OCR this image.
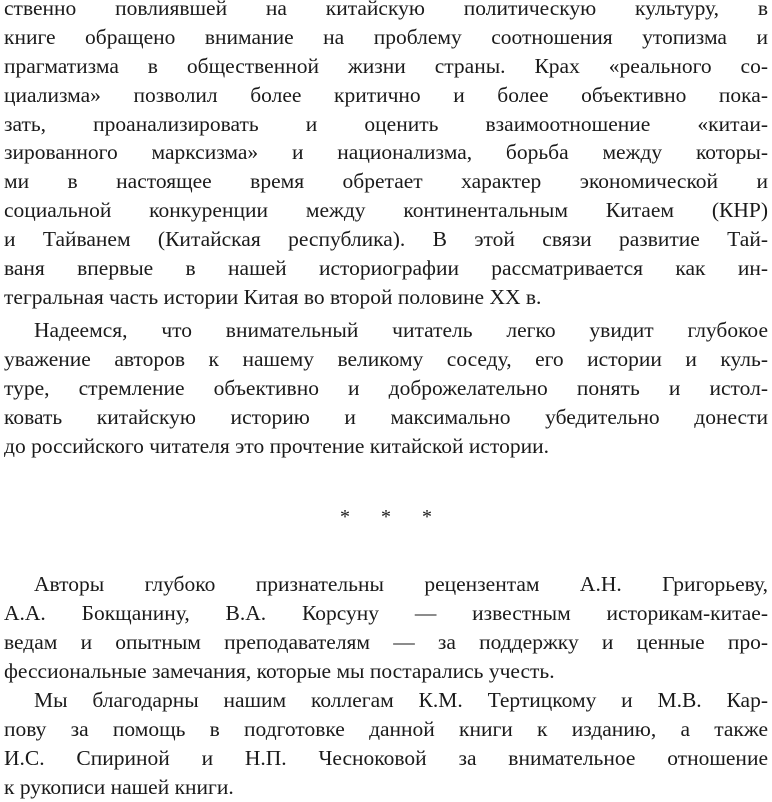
ственно повлиявшей на китайскую политическую культуру, в
книге обращено внимание на проблему соотношения утопизма и
прагматизма в общественной жизни страны. Крах «реального со-
циализма» позволил более критично и более объективно пока-
зать, проанализировать и оценить взаимоотношение «китаи-
зированного марксизма» и национализма, борьба между которы-
ми в настоящее время обретает характер экономической и
социальной конкуренции между континентальным Китаем (КНР)
и Тайванем (Китайская республика). В этой связи развитие Тай-
ваня впервые в нашей историографии рассматривается как ин-
тегральная часть истории Китая во второй половине XX в.
Надеемся, что внимательный читатель легко увидит глубокое
уважение авторов к нашему великому соседу, его истории и куль-
туре, стремление объективно и доброжелательно понять и истол-
ковать китайскую историю и максимально убедительно донести
до российского читателя это прочтение китайской истории.
* * *
Авторы глубоко признательны рецензентам А.Н. Григорьеву,
А.А. Бокщанину, В.А. Корсуну — известным историкам-китае-
ведам и опытным преподавателям — за поддержку и ценные про-
фессиональные замечания, которые мы постарались учесть.
Мы благодарны нашим коллегам К.М. Тертицкому и М.В. Кар-
пову за помощь в подготовке данной книги к изданию, а также
И.С. Спириной и Н.П. Чесноковой за внимательное отношение
к рукописи нашей книги.
